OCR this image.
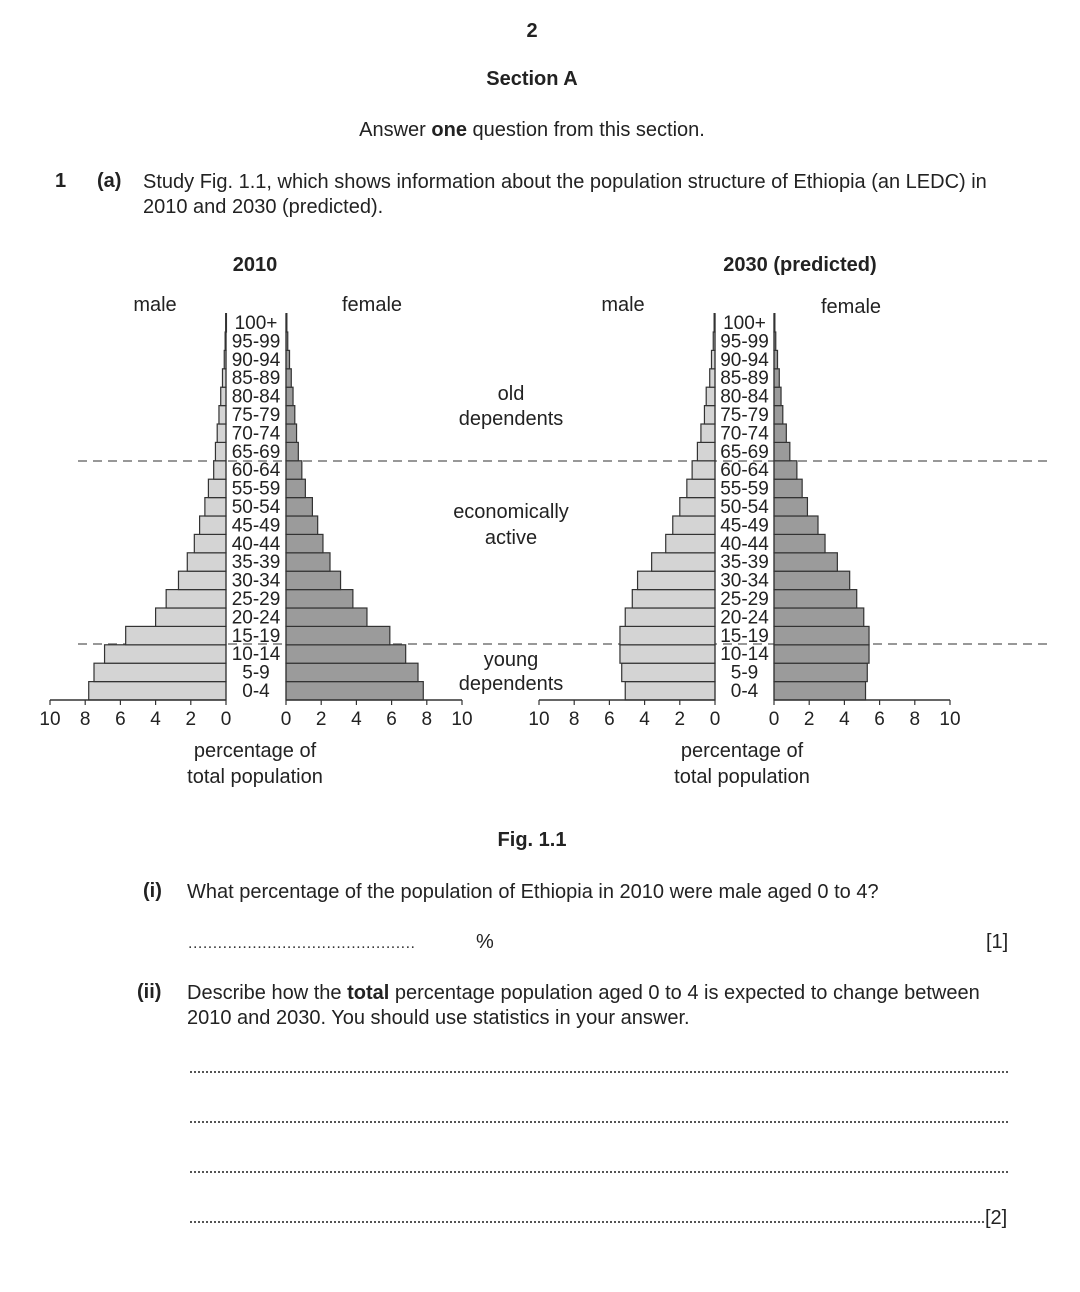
2
Section A
Answer one question from this section.
1 (a) Study Fig. 1.1, which shows information about the population structure of Ethiopia (an LEDC) in 2010 and 2030 (predicted).
old
dependents
economically
active
young
dependents
2010
male	female
percentage of
total population
0-4
5-9
10-14
15-19
20-24
25-29
30-34
35-39
40-44
45-49
50-54
55-59
60-64
65-69
70-74
75-79
80-84
85-89
90-94
95-99
100+
10 8 6 4 2 0	0 2 4 6 8 10
2030 (predicted)
male	female
percentage of
total population
0-4
5-9
10-14
15-19
20-24
25-29
30-34
35-39
40-44
45-49
50-54
55-59
60-64
65-69
70-74
75-79
80-84
85-89
90-94
95-99
100+
10 8 6 4 2 0	0 2 4 6 8 10
Fig. 1.1
(i) What percentage of the population of Ethiopia in 2010 were male aged 0 to 4?
..............................................	%	[1]
(ii) Describe how the total percentage population aged 0 to 4 is expected to change between 2010 and 2030. You should use statistics in your answer.
[2]
